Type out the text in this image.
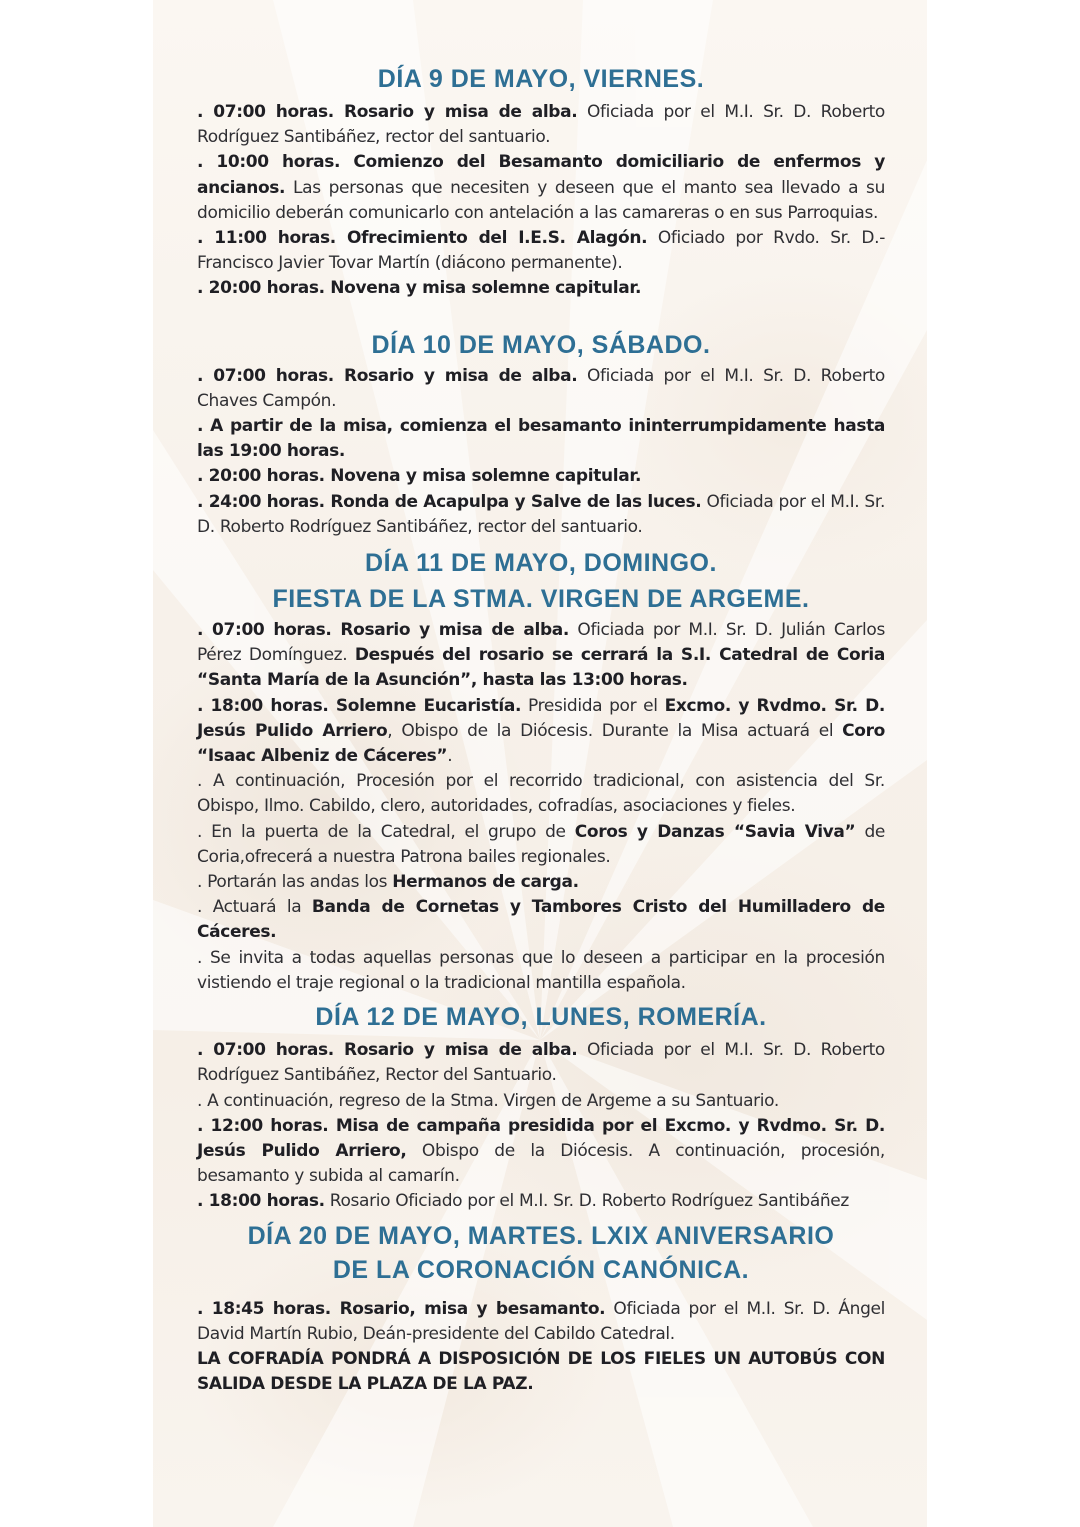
DÍA 9 DE MAYO, VIERNES.

. 07:00 horas. Rosario y misa de alba. Oficiada por el M.I. Sr. D. Roberto Rodríguez Santibáñez, rector del santuario.

. 10:00 horas. Comienzo del Besamanto domiciliario de enfermos y ancianos. Las personas que necesiten y deseen que el manto sea llevado a su domicilio deberán comunicarlo con antelación a las camareras o en sus Parroquias.

. 11:00 horas. Ofrecimiento del I.E.S. Alagón. Oficiado por Rvdo. Sr. D.- Francisco Javier Tovar Martín (diácono permanente).

. 20:00 horas. Novena y misa solemne capitular.

DÍA 10 DE MAYO, SÁBADO.

. 07:00 horas. Rosario y misa de alba. Oficiada por el M.I. Sr. D. Roberto Chaves Campón.

. A partir de la misa, comienza el besamanto ininterrumpidamente hasta las 19:00 horas.

. 20:00 horas. Novena y misa solemne capitular.

. 24:00 horas. Ronda de Acapulpa y Salve de las luces. Oficiada por el M.I. Sr. D. Roberto Rodríguez Santibáñez, rector del santuario.

DÍA 11 DE MAYO, DOMINGO.
FIESTA DE LA STMA. VIRGEN DE ARGEME.

. 07:00 horas. Rosario y misa de alba. Oficiada por M.I. Sr. D. Julián Carlos Pérez Domínguez. Después del rosario se cerrará la S.I. Catedral de Coria “Santa María de la Asunción”, hasta las 13:00 horas.

. 18:00 horas. Solemne Eucaristía. Presidida por el Excmo. y Rvdmo. Sr. D. Jesús Pulido Arriero, Obispo de la Diócesis. Durante la Misa actuará el Coro “Isaac Albeniz de Cáceres”.

. A continuación, Procesión por el recorrido tradicional, con asistencia del Sr. Obispo, Ilmo. Cabildo, clero, autoridades, cofradías, asociaciones y fieles.

. En la puerta de la Catedral, el grupo de Coros y Danzas “Savia Viva” de Coria,ofrecerá a nuestra Patrona bailes regionales.

. Portarán las andas los Hermanos de carga.

. Actuará la Banda de Cornetas y Tambores Cristo del Humilladero de Cáceres.

. Se invita a todas aquellas personas que lo deseen a participar en la procesión vistiendo el traje regional o la tradicional mantilla española.

DÍA 12 DE MAYO, LUNES, ROMERÍA.

. 07:00 horas. Rosario y misa de alba. Oficiada por el M.I. Sr. D. Roberto Rodríguez Santibáñez, Rector del Santuario.

. A continuación, regreso de la Stma. Virgen de Argeme a su Santuario.

. 12:00 horas. Misa de campaña presidida por el Excmo. y Rvdmo. Sr. D. Jesús Pulido Arriero, Obispo de la Diócesis. A continuación, procesión, besamanto y subida al camarín.

. 18:00 horas. Rosario Oficiado por el M.I. Sr. D. Roberto Rodríguez Santibáñez

DÍA 20 DE MAYO, MARTES. LXIX ANIVERSARIO
DE LA CORONACIÓN CANÓNICA.

. 18:45 horas. Rosario, misa y besamanto. Oficiada por el M.I. Sr. D. Ángel David Martín Rubio, Deán-presidente del Cabildo Catedral.

LA COFRADÍA PONDRÁ A DISPOSICIÓN DE LOS FIELES UN AUTOBÚS CON SALIDA DESDE LA PLAZA DE LA PAZ.
